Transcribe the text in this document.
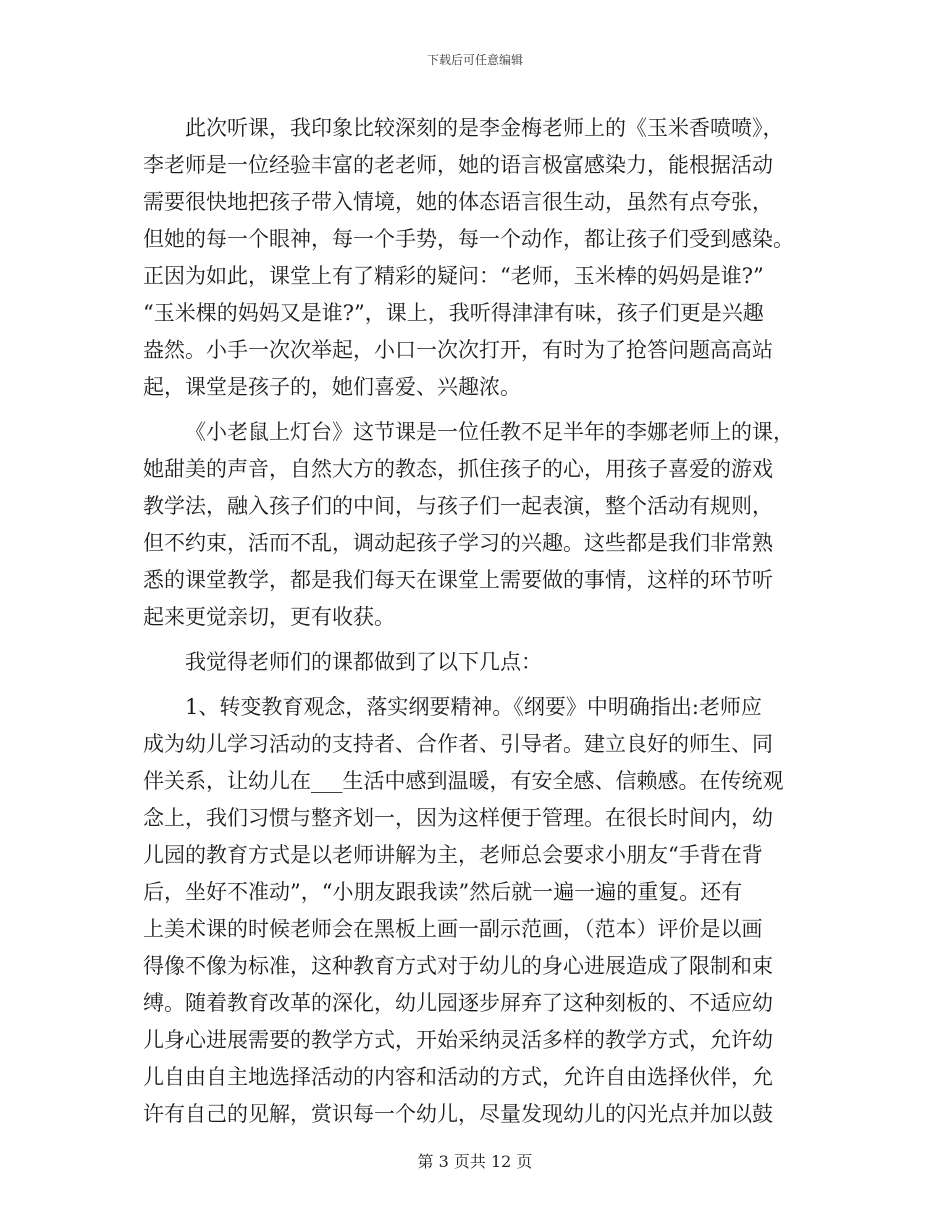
下载后可任意编辑
此次听课，我印象比较深刻的是李金梅老师上的《玉米香喷喷》，
李老师是一位经验丰富的老老师，她的语言极富感染力，能根据活动
需要很快地把孩子带入情境，她的体态语言很生动，虽然有点夸张，
但她的每一个眼神，每一个手势，每一个动作，都让孩子们受到感染。
正因为如此，课堂上有了精彩的疑问：“老师，玉米棒的妈妈是谁?”
“玉米棵的妈妈又是谁?”，课上，我听得津津有味，孩子们更是兴趣
盎然。小手一次次举起，小口一次次打开，有时为了抢答问题高高站
起，课堂是孩子的，她们喜爱、兴趣浓。
《小老鼠上灯台》这节课是一位任教不足半年的李娜老师上的课，
她甜美的声音，自然大方的教态，抓住孩子的心，用孩子喜爱的游戏
教学法，融入孩子们的中间，与孩子们一起表演，整个活动有规则，
但不约束，活而不乱，调动起孩子学习的兴趣。这些都是我们非常熟
悉的课堂教学，都是我们每天在课堂上需要做的事情，这样的环节听
起来更觉亲切，更有收获。
我觉得老师们的课都做到了以下几点：
1、转变教育观念，落实纲要精神。《纲要》中明确指出:老师应
成为幼儿学习活动的支持者、合作者、引导者。建立良好的师生、同
伴关系，让幼儿在___生活中感到温暖，有安全感、信赖感。在传统观
念上，我们习惯与整齐划一，因为这样便于管理。在很长时间内，幼
儿园的教育方式是以老师讲解为主，老师总会要求小朋友“手背在背
后，坐好不准动”，“小朋友跟我读”然后就一遍一遍的重复。还有
上美术课的时候老师会在黑板上画一副示范画，（范本）评价是以画
得像不像为标准，这种教育方式对于幼儿的身心进展造成了限制和束
缚。随着教育改革的深化，幼儿园逐步屏弃了这种刻板的、不适应幼
儿身心进展需要的教学方式，开始采纳灵活多样的教学方式，允许幼
儿自由自主地选择活动的内容和活动的方式，允许自由选择伙伴，允
许有自己的见解，赏识每一个幼儿，尽量发现幼儿的闪光点并加以鼓
第 3 页共 12 页
